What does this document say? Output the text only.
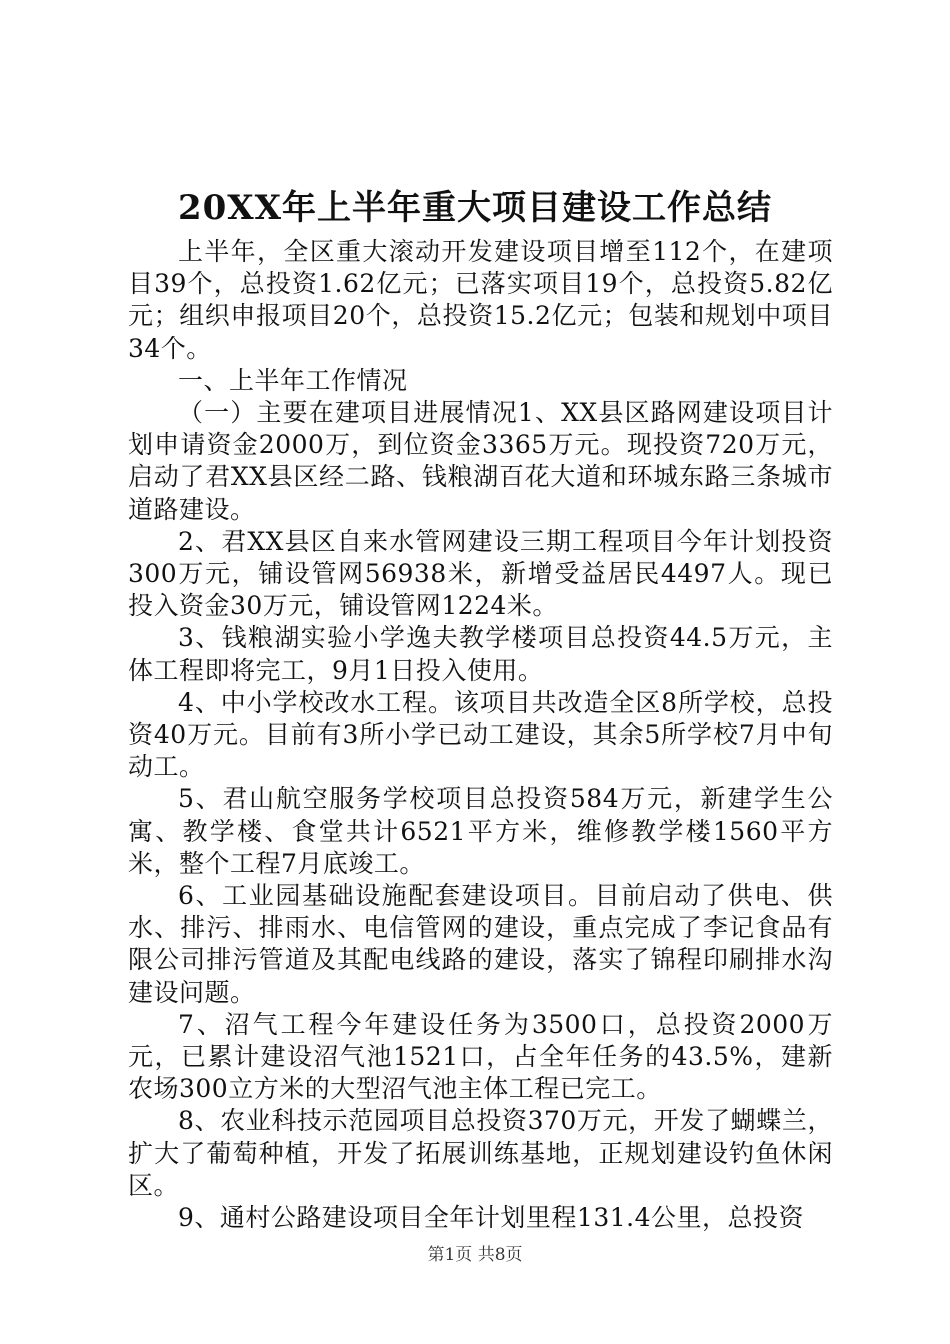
20XX年上半年重大项目建设工作总结

上半年，全区重大滚动开发建设项目增至112个，在建项目39个，总投资1.62亿元；已落实项目19个，总投资5.82亿元；组织申报项目20个，总投资15.2亿元；包装和规划中项目34个。

一、上半年工作情况

（一）主要在建项目进展情况1、XX县区路网建设项目计划申请资金2000万，到位资金3365万元。现投资720万元，启动了君XX县区经二路、钱粮湖百花大道和环城东路三条城市道路建设。

2、君XX县区自来水管网建设三期工程项目今年计划投资300万元，铺设管网56938米，新增受益居民4497人。现已投入资金30万元，铺设管网1224米。

3、钱粮湖实验小学逸夫教学楼项目总投资44.5万元，主体工程即将完工，9月1日投入使用。

4、中小学校改水工程。该项目共改造全区8所学校，总投资40万元。目前有3所小学已动工建设，其余5所学校7月中旬动工。

5、君山航空服务学校项目总投资584万元，新建学生公寓、教学楼、食堂共计6521平方米，维修教学楼1560平方米，整个工程7月底竣工。

6、工业园基础设施配套建设项目。目前启动了供电、供水、排污、排雨水、电信管网的建设，重点完成了李记食品有限公司排污管道及其配电线路的建设，落实了锦程印刷排水沟建设问题。

7、沼气工程今年建设任务为3500口，总投资2000万元，已累计建设沼气池1521口，占全年任务的43.5%，建新农场300立方米的大型沼气池主体工程已完工。

8、农业科技示范园项目总投资370万元，开发了蝴蝶兰，扩大了葡萄种植，开发了拓展训练基地，正规划建设钓鱼休闲区。

9、通村公路建设项目全年计划里程131.4公里，总投资

第1页 共8页
